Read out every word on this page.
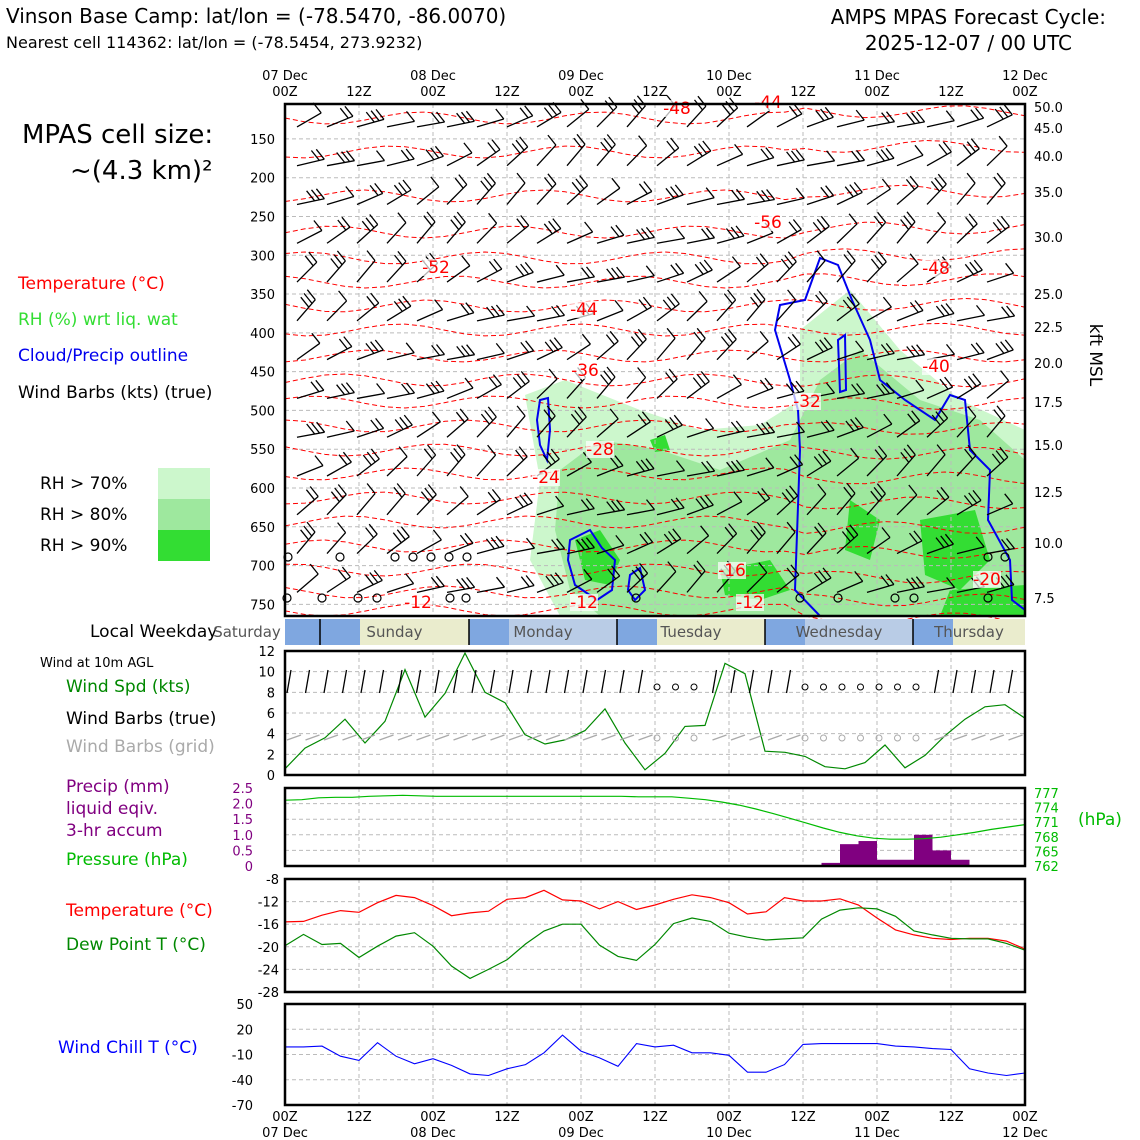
Vinson Base Camp: lat/lon = (-78.5470, -86.0070)
Nearest cell 114362: lat/lon = (-78.5454, 273.9232)
AMPS MPAS Forecast Cycle:
2025-12-07 / 00 UTC
MPAS cell size:
~(4.3 km)²
Temperature (°C)
RH (%) wrt liq. wat
Cloud/Precip outline
Wind Barbs (kts) (true)
RH > 70%
RH > 80%
RH > 90%
Local Weekday
Wind at 10m AGL
Wind Spd (kts)
Wind Barbs (true)
Wind Barbs (grid)
Precip (mm)
liquid eqiv.
3-hr accum
Pressure (hPa)
(hPa)
Temperature (°C)
Dew Point T (°C)
Wind Chill T (°C)
07 Dec
00Z	12Z
08 Dec
00Z	12Z
09 Dec
00Z	12Z
10 Dec
00Z	12Z
11 Dec
00Z	12Z
12 Dec
00Z
150
200
250
300
350
400
450
500
550
600
650
700
750
-48	-44
-56
-52	-48
-44
-40
-36
-32
-28
-24
-16	-20
-12	-12	-12
50.0
45.0
40.0
35.0
30.0
25.0
22.5
20.0
17.5
15.0
12.5
10.0
7.5
kft MSL
Saturday	Sunday	Monday	Tuesday	Wednesday	Thursday
0
2
4
6
8
10
12
0
0.5
1.0
1.5
2.0
2.5
762
765
768
771
774
777
-28
-24
-20
-16
-12
-8
-70
-40
-10
20
50
00Z
07 Dec
12Z	00Z
08 Dec
12Z	00Z
09 Dec
12Z	00Z
10 Dec
12Z	00Z
11 Dec
12Z	00Z
12 Dec
